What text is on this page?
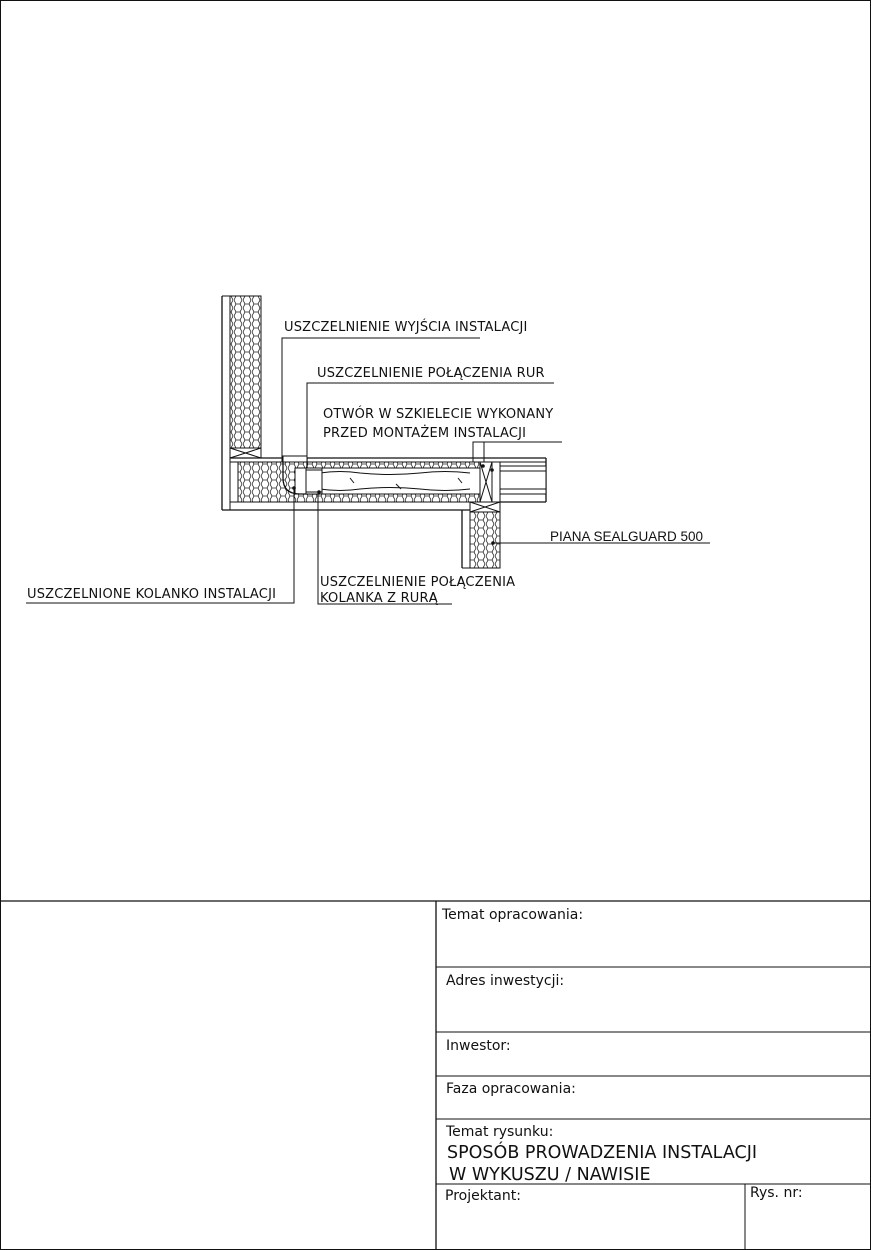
USZCZELNIENIE WYJŚCIA INSTALACJI
USZCZELNIENIE POŁĄCZENIA RUR
OTWÓR W SZKIELECIE WYKONANY
PRZED MONTAŻEM INSTALACJI
PIANA SEALGUARD 500
USZCZELNIONE KOLANKO INSTALACJI
USZCZELNIENIE POŁĄCZENIA
KOLANKA Z RURĄ
Temat opracowania:
Adres inwestycji:
Inwestor:
Faza opracowania:
Temat rysunku:
SPOSÓB PROWADZENIA INSTALACJI
W WYKUSZU / NAWISIE
Projektant:	Rys. nr:
